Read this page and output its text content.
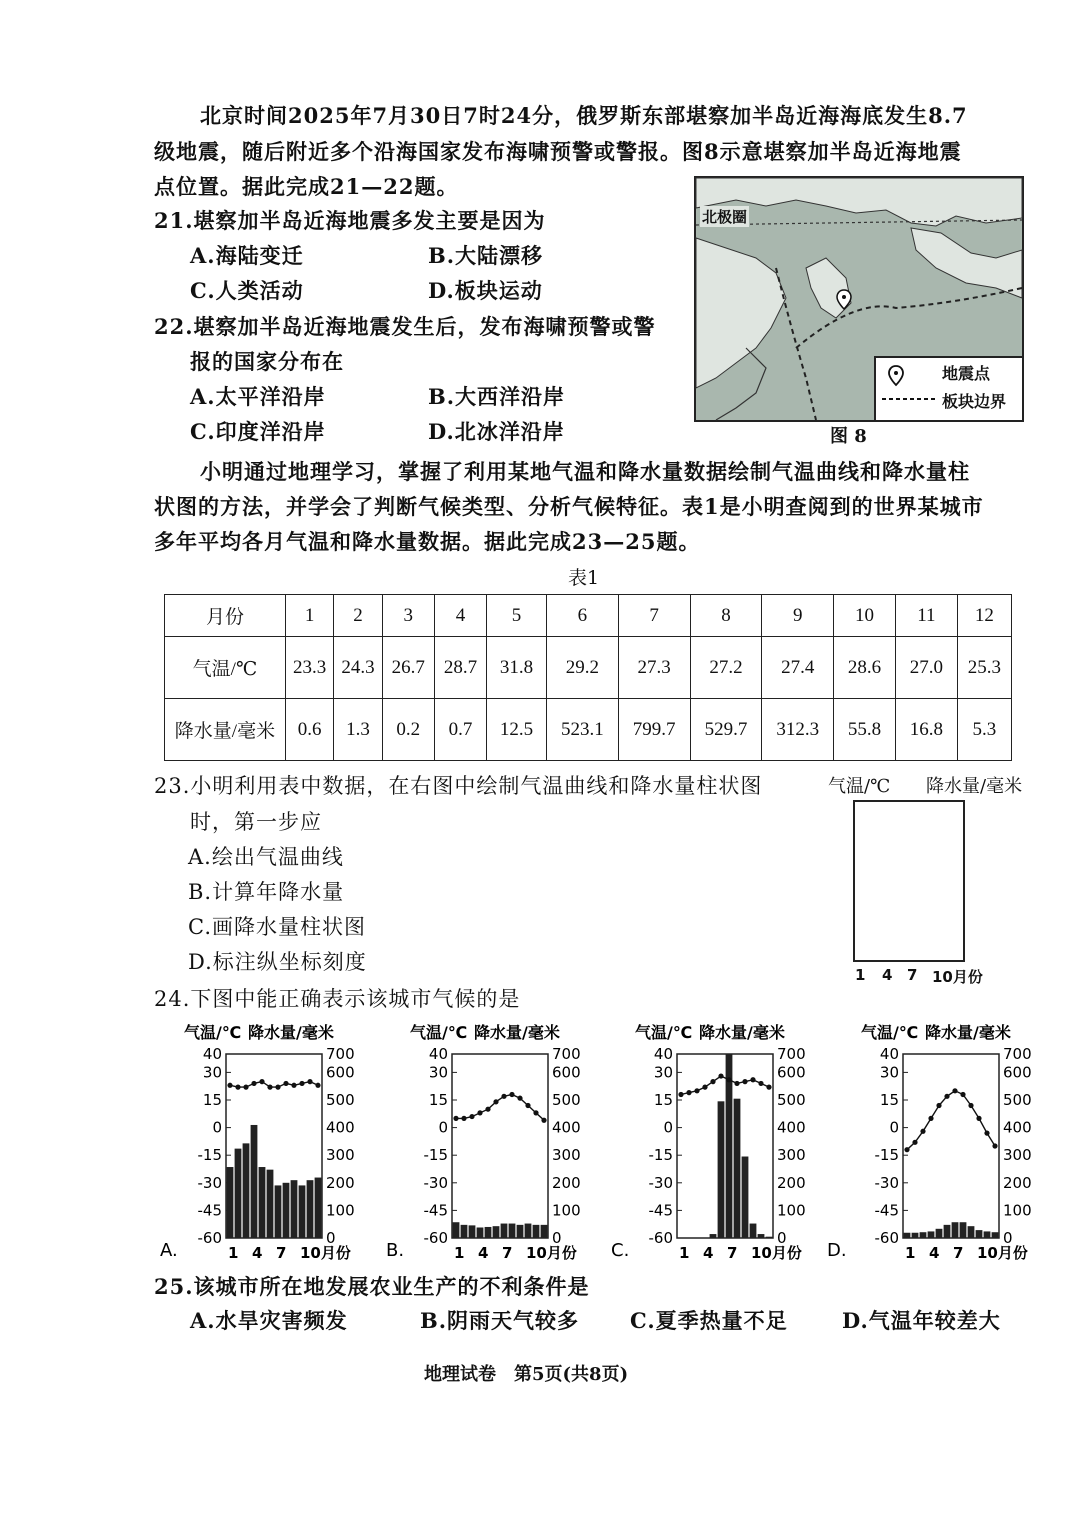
北京时间2025年7月30日7时24分，俄罗斯东部堪察加半岛近海海底发生8.7
级地震，随后附近多个沿海国家发布海啸预警或警报。图8示意堪察加半岛近海地震
点位置。据此完成21—22题。
21.堪察加半岛近海地震多发主要是因为
A.海陆变迁	B.大陆漂移
C.人类活动	D.板块运动
22.堪察加半岛近海地震发生后，发布海啸预警或警
报的国家分布在
A.太平洋沿岸	B.大西洋沿岸
C.印度洋沿岸	D.北冰洋沿岸
北极圈
地震点
板块边界
图 8
小明通过地理学习，掌握了利用某地气温和降水量数据绘制气温曲线和降水量柱
状图的方法，并学会了判断气候类型、分析气候特征。表1是小明查阅到的世界某城市
多年平均各月气温和降水量数据。据此完成23—25题。
表1
月份	1	2	3	4	5	6	7	8	9	10	11	12
气温/℃	23.3	24.3	26.7	28.7	31.8	29.2	27.3	27.2	27.4	28.6	27.0	25.3
降水量/毫米	0.6	1.3	0.2	0.7	12.5	523.1	799.7	529.7	312.3	55.8	16.8	5.3
23.小明利用表中数据，在右图中绘制气温曲线和降水量柱状图
时，第一步应
A.绘出气温曲线
B.计算年降水量
C.画降水量柱状图
D.标注纵坐标刻度
气温/℃ 降水量/毫米
1 4 7 10月份
24.下图中能正确表示该城市气候的是
气温/℃ 降水量/毫米
40	700
30	600
15	500
0	400
-15	300
-30	200
-45	100
-60	0
1 4 7 10月份
A.
气温/℃ 降水量/毫米
40	700
30	600
15	500
0	400
-15	300
-30	200
-45	100
-60	0
1 4 7 10月份
B.
气温/℃ 降水量/毫米
40	700
30	600
15	500
0	400
-15	300
-30	200
-45	100
-60	0
1 4 7 10月份
C.
气温/℃ 降水量/毫米
40	700
30	600
15	500
0	400
-15	300
-30	200
-45	100
-60	0
1 4 7 10月份
D.
25.该城市所在地发展农业生产的不利条件是
A.水旱灾害频发	B.阴雨天气较多 C.夏季热量不足	D.气温年较差大
地理试卷　第5页(共8页)
